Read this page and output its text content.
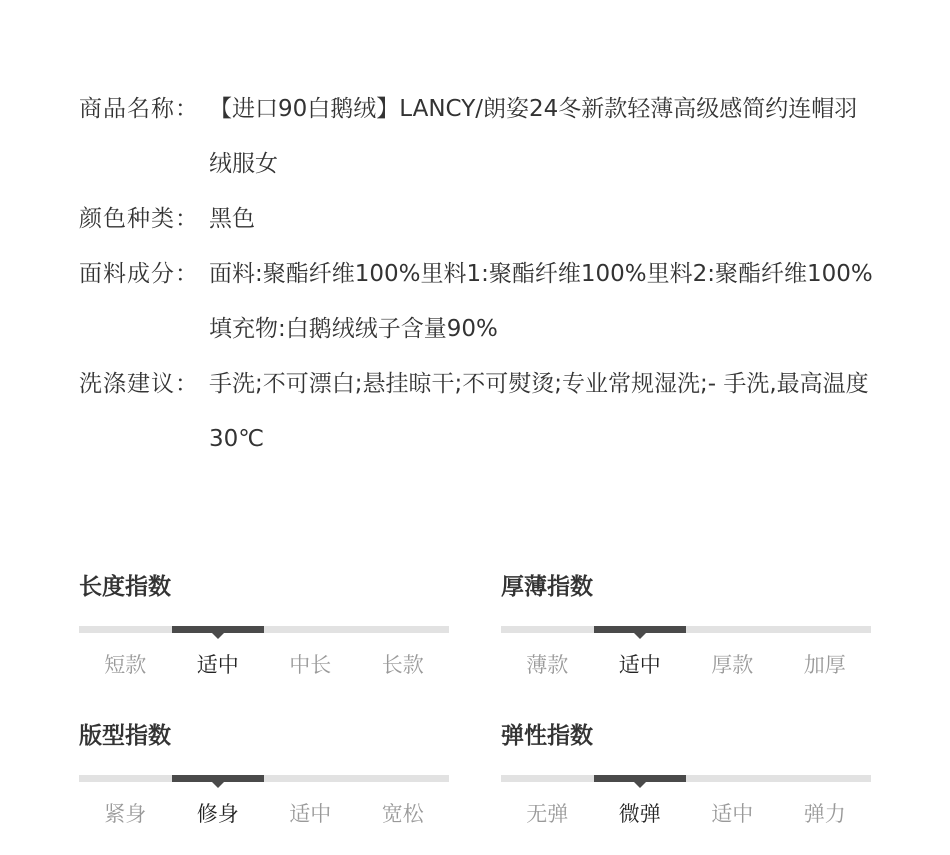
商品名称： 【进口90白鹅绒】LANCY/朗姿24冬新款轻薄高级感简约连帽羽绒服女
颜色种类： 黑色
面料成分： 面料:聚酯纤维100%里料1:聚酯纤维100%里料2:聚酯纤维100%填充物:白鹅绒绒子含量90%
洗涤建议： 手洗;不可漂白;悬挂晾干;不可熨烫;专业常规湿洗;- 手洗,最高温度30℃
长度指数
短款	适中	中长	长款
厚薄指数
薄款	适中	厚款	加厚
版型指数
紧身	修身	适中	宽松
弹性指数
无弹	微弹	适中	弹力
